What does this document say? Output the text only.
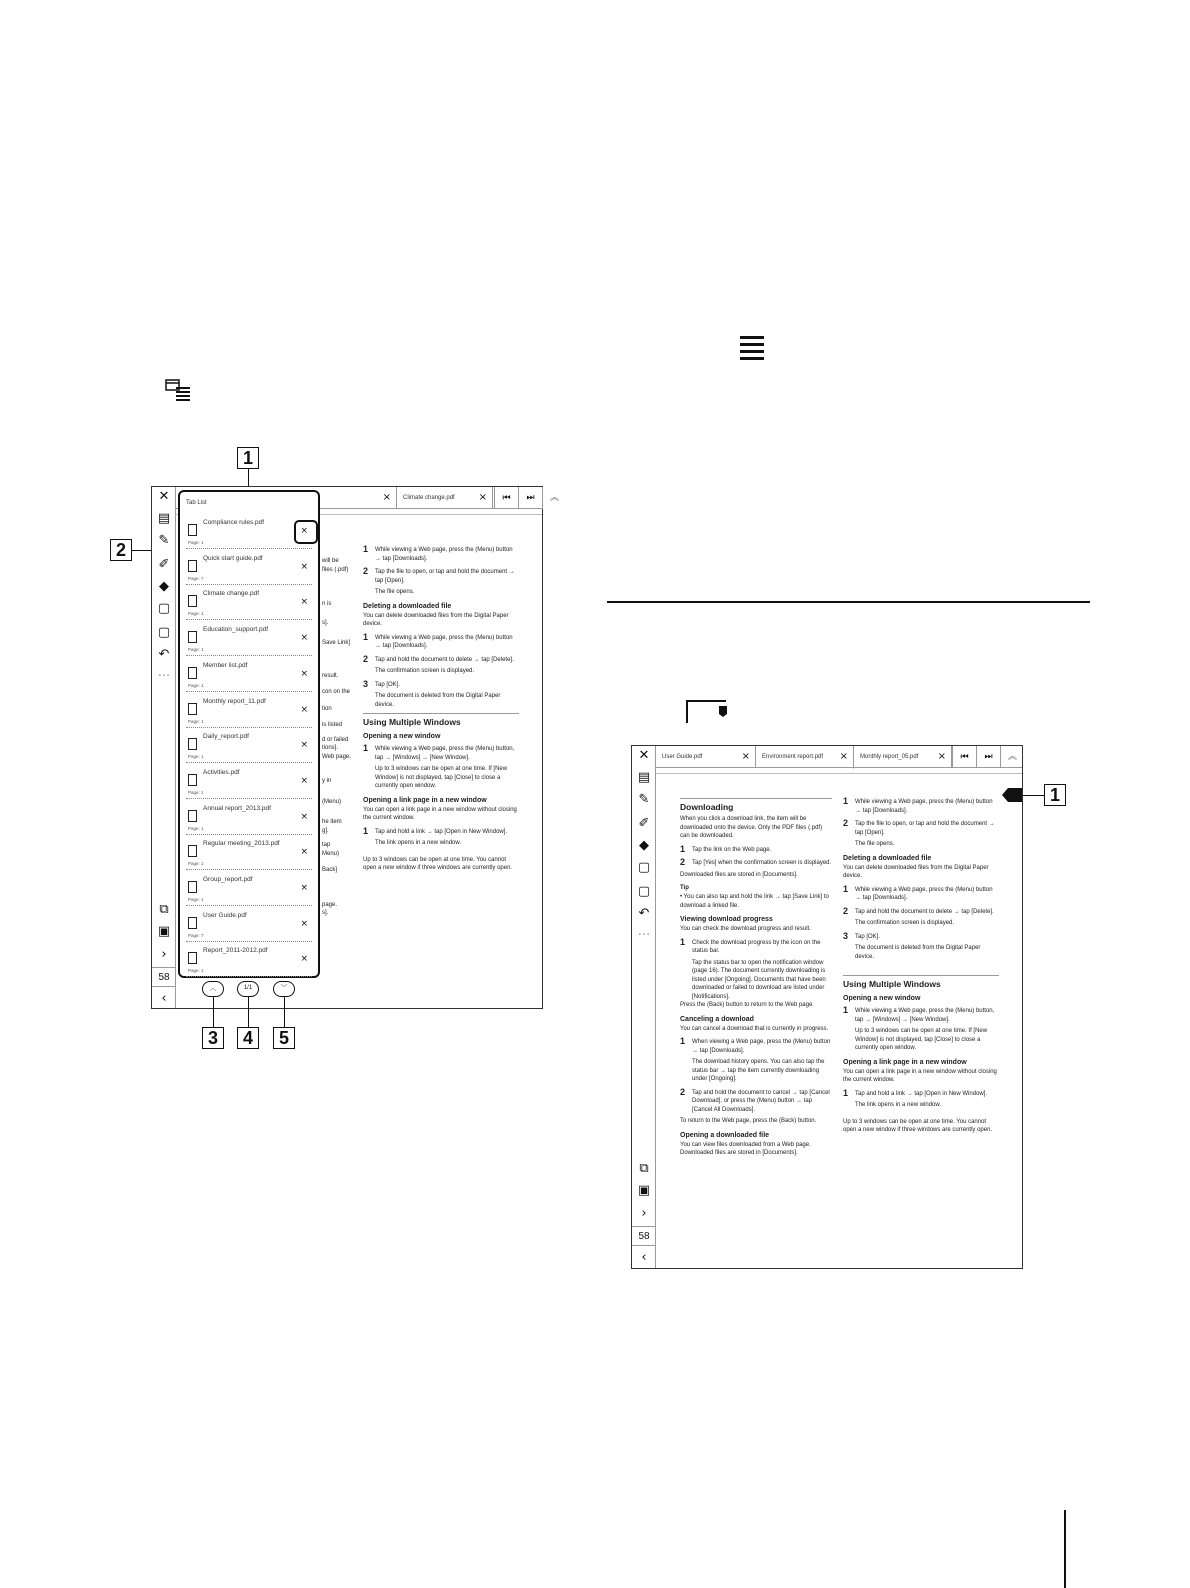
1
2
✕
▤
✎
✐
◆
▢
▢
↶
···
⧉
▣
›
58
‹
×	Climate change.pdf ×	⏮	⏭	︽
will be
files (.pdf)
n is
s].
Save Link]
result.
con on the
tion
is listed
d or failed
tions].
Web page.
y in
(Menu)
he item
g].
tap
Menu)
Back]
page.
s].
1 While viewing a Web page, press the (Menu) button → tap [Downloads].
2 Tap the file to open, or tap and hold the document → tap [Open].
The file opens.
Deleting a downloaded file

You can delete downloaded files from the Digital Paper device.

1 While viewing a Web page, press the (Menu) button → tap [Downloads].
2 Tap and hold the document to delete → tap [Delete].
The confirmation screen is displayed.
3 Tap [OK].
The document is deleted from the Digital Paper device.
Using Multiple Windows
Opening a new window
1 While viewing a Web page, press the (Menu) button, tap → [Windows] → [New Window].
Up to 3 windows can be open at one time. If [New Window] is not displayed, tap [Close] to close a currently open window.
Opening a link page in a new window

You can open a link page in a new window without closing the current window.

1 Tap and hold a link → tap [Open in New Window].
The link opens in a new window.

Up to 3 windows can be open at one time. You cannot open a new window if three windows are currently open.

Tab List
Compliance rules.pdf
Page: 1
×
Quick start guide.pdf
Page: 7
×
Climate change.pdf
Page: 1
×
Education_support.pdf
Page: 1
×
Member list.pdf
Page: 1
×
Monthly report_11.pdf
Page: 1
×
Daily_report.pdf
Page: 1
×
Activities.pdf
Page: 1
×
Annual report_2013.pdf
Page: 1
×
Regular meeting_2013.pdf
Page: 1
×
Group_report.pdf
Page: 1
×
User Guide.pdf
Page: 7
×
Report_2011-2012.pdf
Page: 1
×
︿	1/1	﹀
3	4	5
✕
▤
✎
✐
◆
▢
▢
↶
···
⧉
▣
›
58
‹
User Guide.pdf	×	Environment report.pdf ×	Monthly report_05.pdf ×	⏮	⏭	︽
Downloading

When you click a download link, the item will be downloaded onto the device. Only the PDF files (.pdf) can be downloaded.

1 Tap the link on the Web page.
2 Tap [Yes] when the confirmation screen is displayed.

Downloaded files are stored in [Documents].

Tip

• You can also tap and hold the link → tap [Save Link] to download a linked file.

Viewing download progress

You can check the download progress and result.

1 Check the download progress by the icon on the status bar.
Tap the status bar to open the notification window (page 16). The document currently downloading is listed under [Ongoing]. Documents that have been downloaded or failed to download are listed under [Notifications].

Press the (Back) button to return to the Web page.

Canceling a download

You can cancel a download that is currently in progress.

1 When viewing a Web page, press the (Menu) button → tap [Downloads].
The download history opens. You can also tap the status bar → tap the item currently downloading under [Ongoing].
2 Tap and hold the document to cancel → tap [Cancel Download], or press the (Menu) button → tap [Cancel All Downloads].

To return to the Web page, press the (Back) button.

Opening a downloaded file

You can view files downloaded from a Web page. Downloaded files are stored in [Documents].

1 While viewing a Web page, press the (Menu) button → tap [Downloads].
2 Tap the file to open, or tap and hold the document → tap [Open].
The file opens.
Deleting a downloaded file

You can delete downloaded files from the Digital Paper device.

1 While viewing a Web page, press the (Menu) button → tap [Downloads].
2 Tap and hold the document to delete → tap [Delete].
The confirmation screen is displayed.
3 Tap [OK].
The document is deleted from the Digital Paper device.
Using Multiple Windows
Opening a new window
1 While viewing a Web page, press the (Menu) button, tap → [Windows] → [New Window].
Up to 3 windows can be open at one time. If [New Window] is not displayed, tap [Close] to close a currently open window.
Opening a link page in a new window

You can open a link page in a new window without closing the current window.

1 Tap and hold a link → tap [Open in New Window].
The link opens in a new window.

Up to 3 windows can be open at one time. You cannot open a new window if three windows are currently open.

1
